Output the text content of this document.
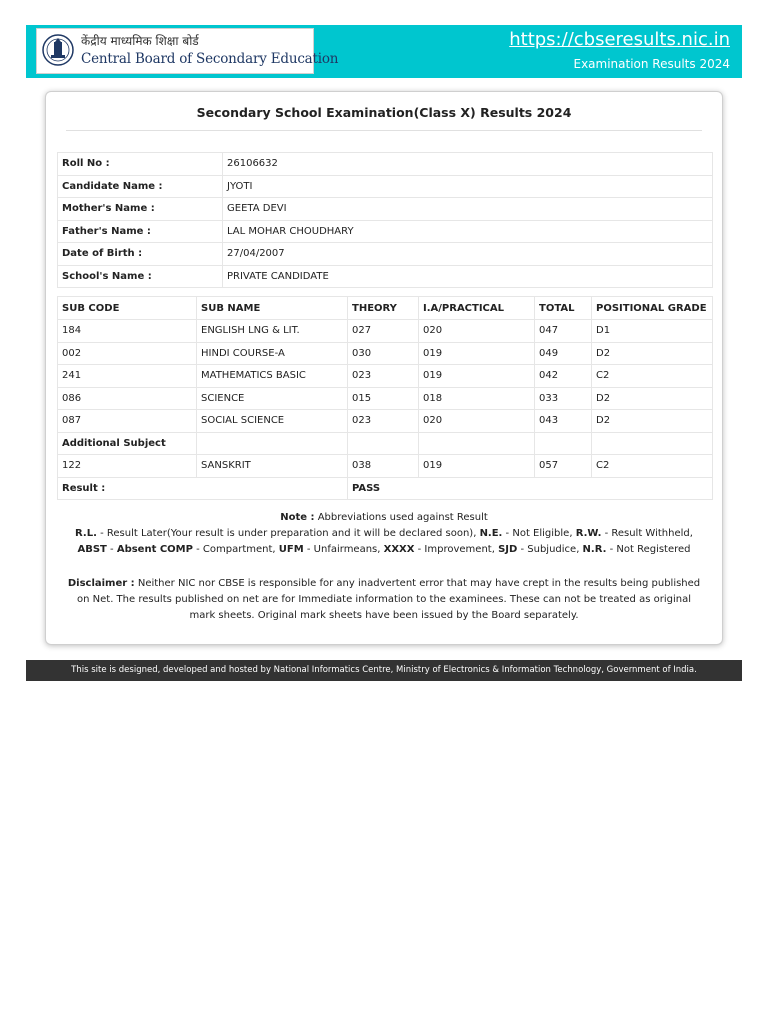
केंद्रीय माध्यमिक शिक्षा बोर्ड
Central Board of Secondary Education
https://cbseresults.nic.in
Examination Results 2024
Secondary School Examination(Class X) Results 2024
Roll No :	26106632
Candidate Name :	JYOTI
Mother's Name :	GEETA DEVI
Father's Name :	LAL MOHAR CHOUDHARY
Date of Birth :	27/04/2007
School's Name :	PRIVATE CANDIDATE
SUB CODE	SUB NAME	THEORY	I.A/PRACTICAL	TOTAL	POSITIONAL GRADE
184	ENGLISH LNG & LIT.	027	020	047	D1
002	HINDI COURSE-A	030	019	049	D2
241	MATHEMATICS BASIC	023	019	042	C2
086	SCIENCE	015	018	033	D2
087	SOCIAL SCIENCE	023	020	043	D2
Additional Subject					
122	SANSKRIT	038	019	057	C2
Result :		PASS			
Note : Abbreviations used against Result
R.L. - Result Later(Your result is under preparation and it will be declared soon), N.E. - Not Eligible, R.W. - Result Withheld, ABST - Absent COMP - Compartment, UFM - Unfairmeans, XXXX - Improvement, SJD - Subjudice, N.R. - Not Registered
Disclaimer : Neither NIC nor CBSE is responsible for any inadvertent error that may have crept in the results being published on Net. The results published on net are for Immediate information to the examinees. These can not be treated as original mark sheets. Original mark sheets have been issued by the Board separately.
This site is designed, developed and hosted by National Informatics Centre, Ministry of Electronics & Information Technology, Government of India.
